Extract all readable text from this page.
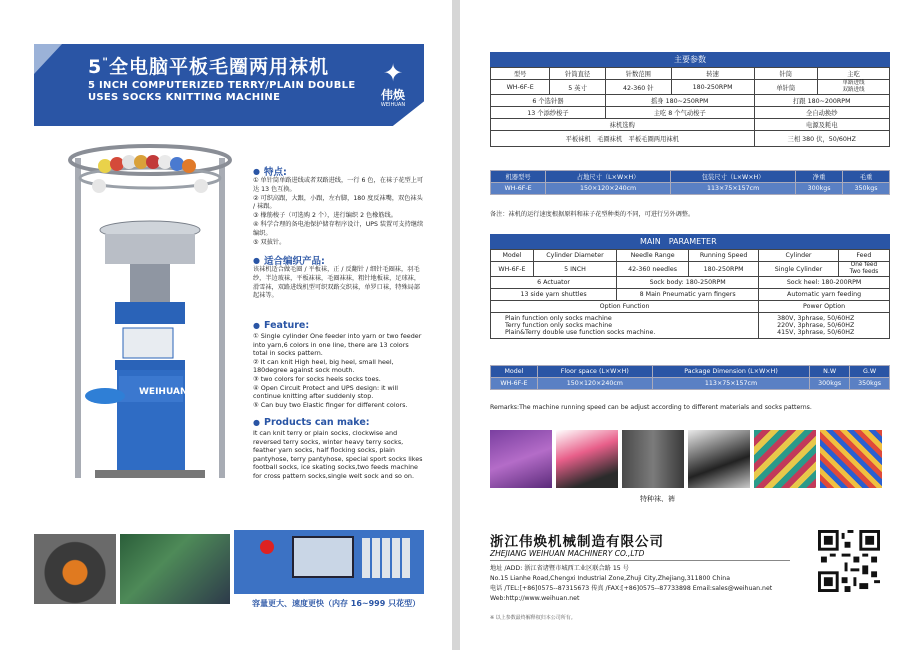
5"全电脑平板毛圈两用袜机
5 INCH COMPUTERIZED TERRY/PLAIN DOUBLE USES SOCKS KNITTING MACHINE
✦
伟焕
WEIHUAN
WEIHUAN
● 特点:
① 单针筒单路进线或者双路进线，一行 6 色，在袜子花型上可达 13 色互换。
② 可织高跟，大跟，小跟，左右脚，180 度反袜嘴，双色袜头 / 袜跟。
③ 橡筋梭子（可选购 2 个），进行编织 2 色橡筋线。
④ 科学合理的备电池保护储存程序设计，UPS 装置可支持继续编织。
⑤ 双拔针。
● 适合编织产品:
该袜机适合做毛圈 / 平板袜，正 / 反翻针 / 细针毛圈袜，羽毛纱，半边玻袜，平板袜袜，毛圈袜袜，粗针地板袜，足球袜，滑雪袜，双路进线机型可织双路交织袜，单罗口袜，特殊局部起袜等。
● Feature:
① Single cylinder One feeder into yarn or two feeder into yarn,6 colors in one line, there are 13 colors total in socks pattern.
② It can knit High heel, big heel, small heel, 180degree against sock mouth.
③ two colors for socks heels socks toes.
④ Open Circuit Protect and UPS design: it will continue knitting after suddenly stop.
⑤ Can buy two Elastic finger for different colors.
● Products can make:
It can knit terry or plain socks, clockwise and reversed terry socks, winter heavy terry socks, feather yarn socks, half flocking socks, plain pantyhose, terry pantyhose, special sport socks likes football socks, ice skating socks,two feeds machine for cross pattern socks,single welt sock and so on.
容量更大、速度更快（内存 16~999 只花型）
主要参数
型号	针筒直径	针数范围	转速	针筒	主吃
WH-6F-E	5 英寸	42-360 针	180-250RPM	单针筒	单路进线
双路进线
6 个选针器		摇身 180~250RPM		打跟 180~200RPM	
13 个添纱梭子		主吃 8 个气动梭子		全自动换纱	
袜机选购				电源及耗电	
平板袜机　毛圈袜机　平板毛圈两用袜机				三相 380 伏，50/60HZ	
机器型号	占地尺寸（L×W×H）	包装尺寸（L×W×H）	净重	毛重
WH-6F-E	150×120×240cm	113×75×157cm	300kgs	350kgs
备注：袜机的运行速度根据原料和袜子花型种类的不同，可进行另外调整。
MAIN　PARAMETER
Model	Cylinder Diameter	Needle Range	Running Speed	Cylinder	Feed
WH-6F-E	5 INCH	42-360 needles	180-250RPM	Single Cylinder	One feed
Two feeds
6 Actuator		Sock body: 180-250RPM		Sock heel: 180-200RPM	
13 side yarn shuttles		8 Main Pneumatic yarn fingers		Automatic yarn feeding	
Option Function				Power Option	
Plain function only socks machine
Terry function only socks machine
Plain&Terry double use function socks machine.				380V, 3phrase, 50/60HZ
220V, 3phrase, 50/60HZ
415V, 3phrase, 50/60HZ	
Model	Floor space (L×W×H)	Package Dimension (L×W×H)	N.W	G.W
WH-6F-E	150×120×240cm	113×75×157cm	300kgs	350kgs
Remarks:The machine running speed can be adjust according to different materials and socks patterns.
特种袜、裤
浙江伟焕机械制造有限公司
ZHEJIANG WEIHUAN MACHINERY CO.,LTD
地址 /ADD: 浙江省诸暨市城西工业区联合路 15 号
No.15 Lianhe Road,Chengxi Industrial Zone,Zhuji City,Zhejiang,311800 China
电话 /TEL:[+86]0575--87315673 传真 /FAX:[+86]0575--87733898 Email:sales@weihuan.net
Web:http://www.weihuan.net
※ 以上参数最终解释权归本公司所有。
